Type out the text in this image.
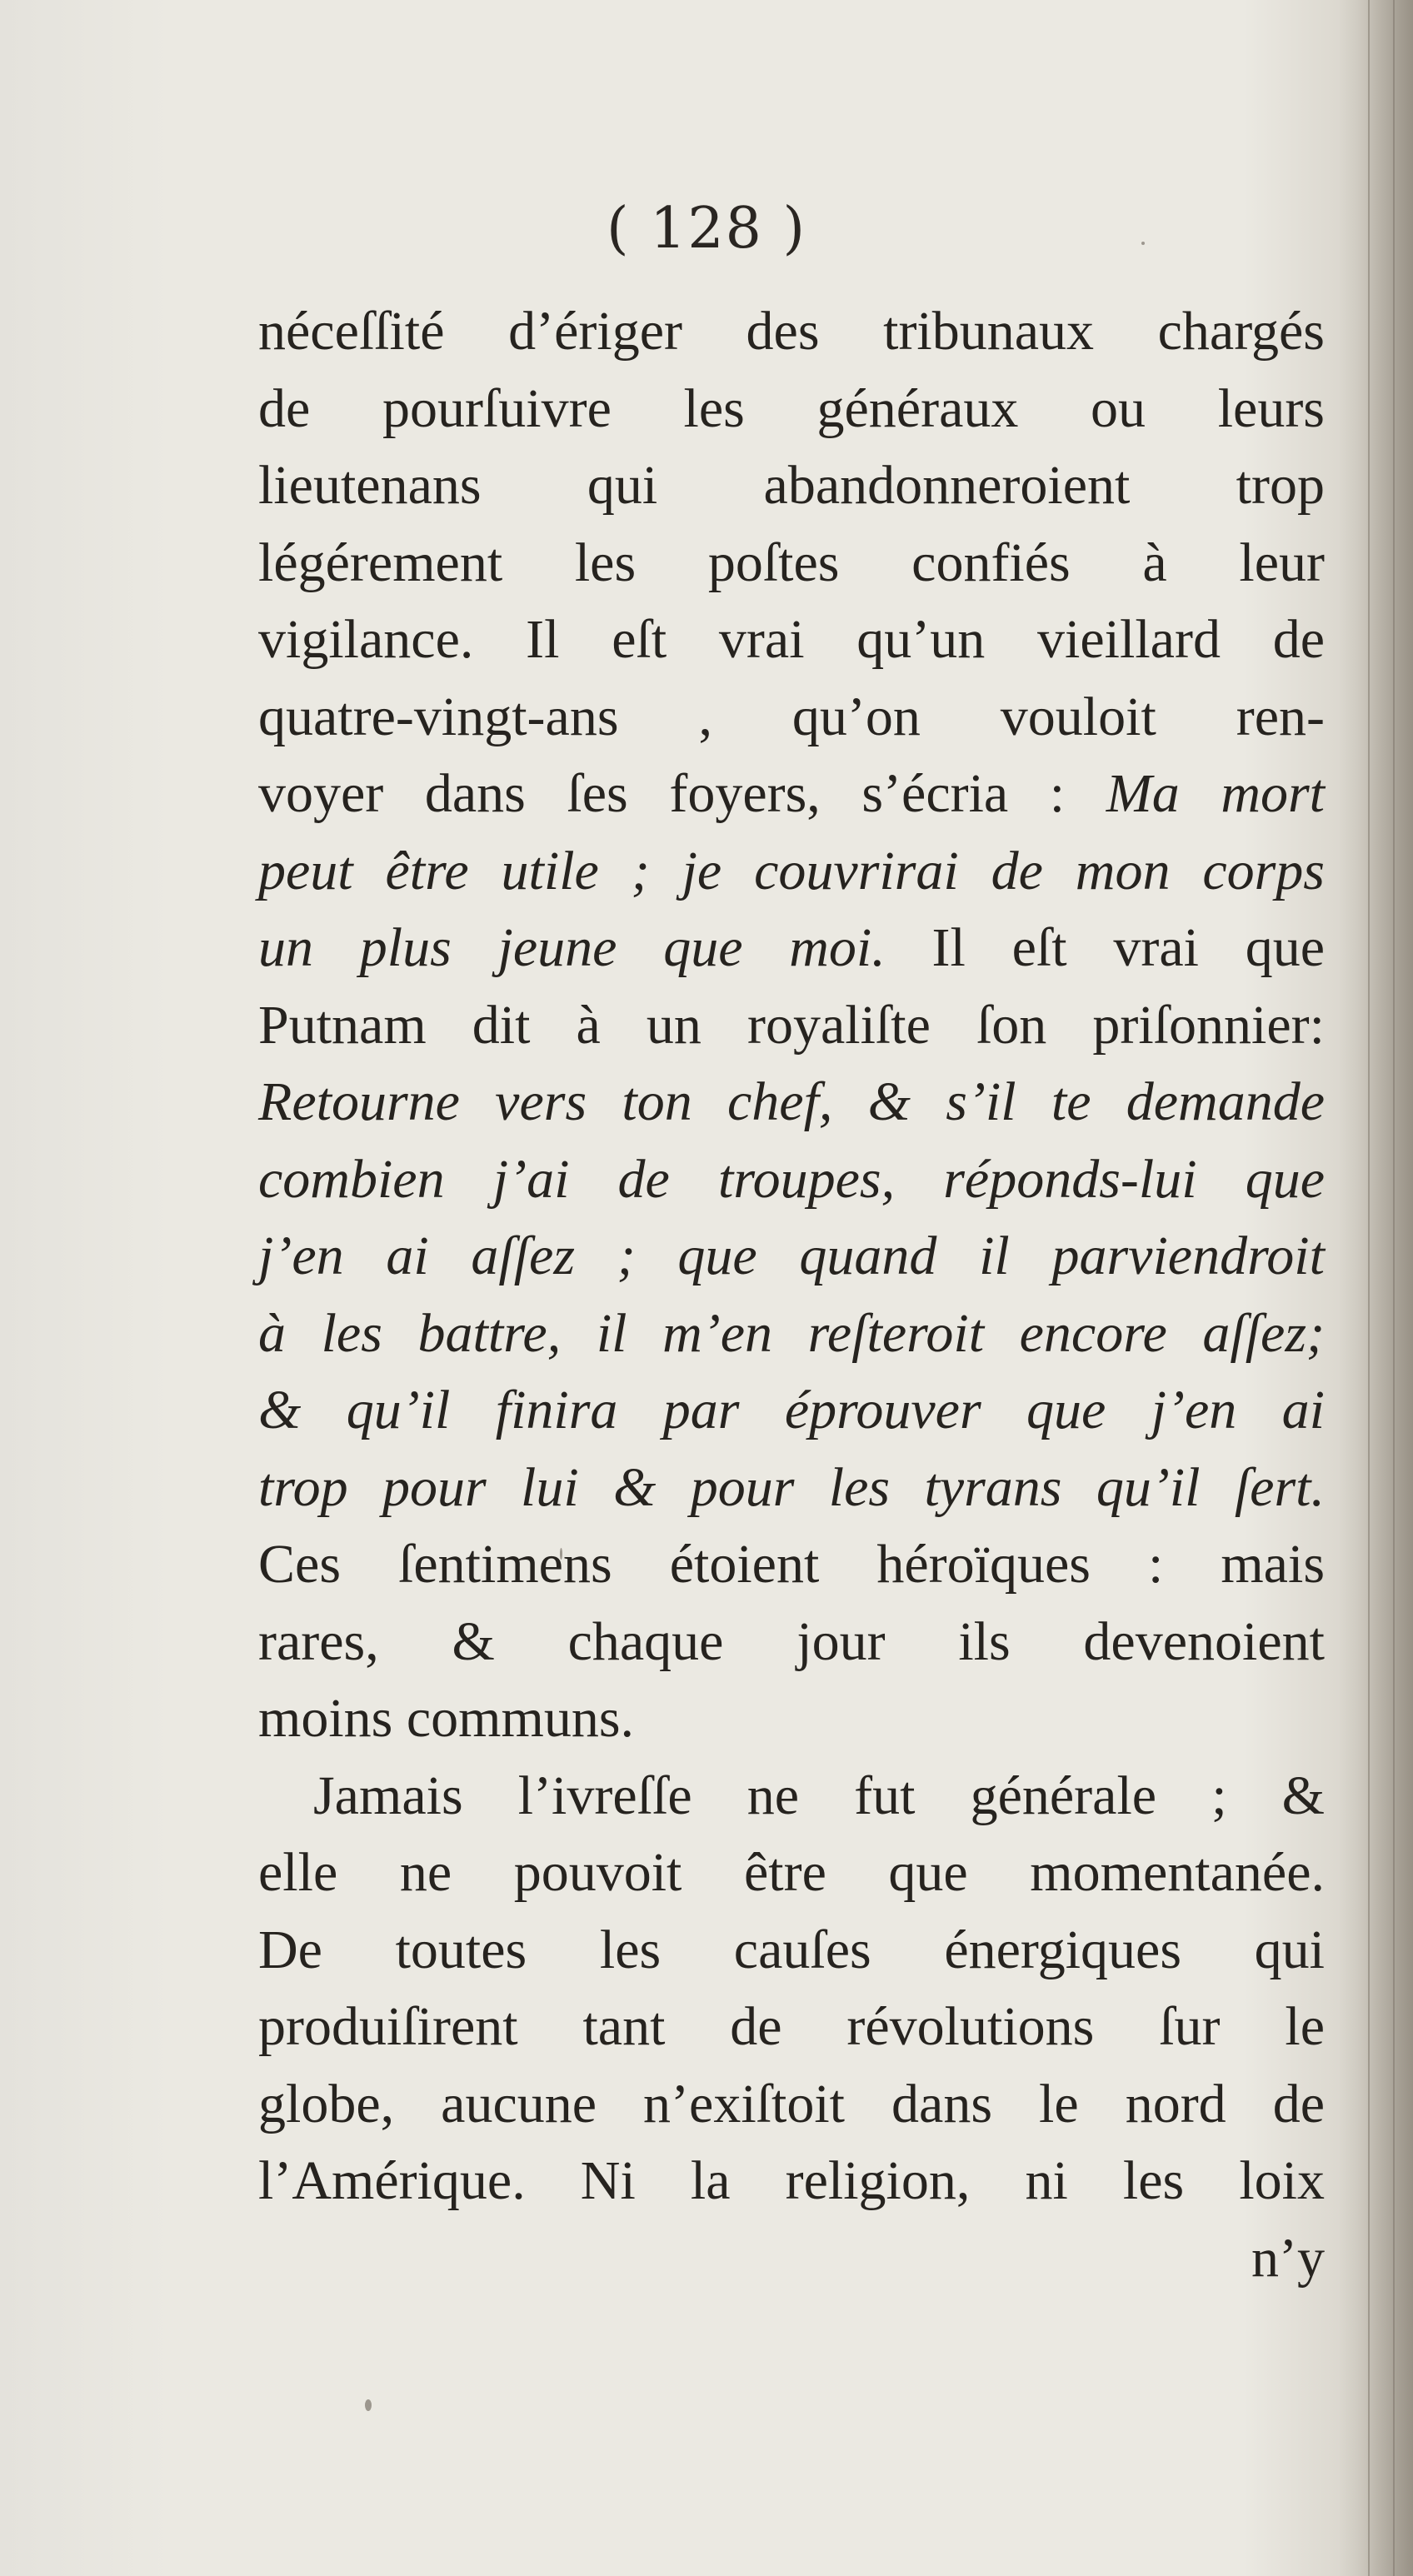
( 128 )
néceſſité d’ériger des tribunaux chargés
de pourſuivre les généraux ou leurs
lieutenans qui abandonneroient trop
légérement les poſtes confiés à leur
vigilance. Il eſt vrai qu’un vieillard de
quatre-vingt-ans , qu’on vouloit ren-
voyer dans ſes foyers, s’écria : Ma mort
peut être utile ; je couvrirai de mon corps
un plus jeune que moi. Il eſt vrai que
Putnam dit à un royaliſte ſon priſonnier:
Retourne vers ton chef, & s’il te demande
combien j’ai de troupes, réponds-lui que
j’en ai aſſez ; que quand il parviendroit
à les battre, il m’en reſteroit encore aſſez;
& qu’il finira par éprouver que j’en ai
trop pour lui & pour les tyrans qu’il ſert.
Ces ſentimens étoient héroïques : mais
rares, & chaque jour ils devenoient
moins communs.
Jamais l’ivreſſe ne fut générale ; &
elle ne pouvoit être que momentanée.
De toutes les cauſes énergiques qui
produiſirent tant de révolutions ſur le
globe, aucune n’exiſtoit dans le nord de
l’Amérique. Ni la religion, ni les loix
n’y
